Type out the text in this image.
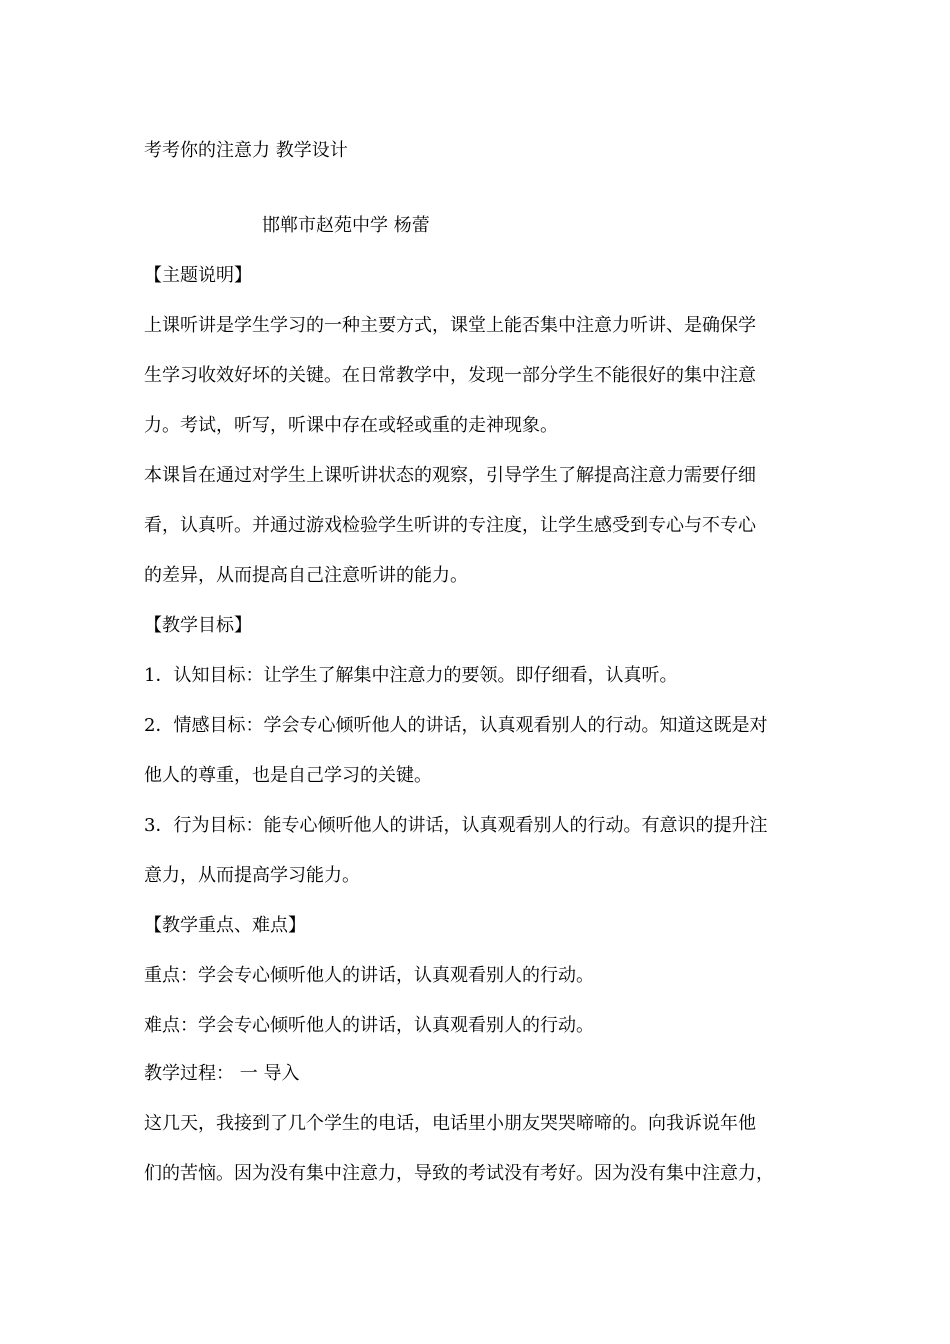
考考你的注意力 教学设计
邯郸市赵苑中学 杨蕾
【主题说明】
上课听讲是学生学习的一种主要方式，课堂上能否集中注意力听讲、是确保学
生学习收效好坏的关键。在日常教学中，发现一部分学生不能很好的集中注意
力。考试，听写，听课中存在或轻或重的走神现象。
本课旨在通过对学生上课听讲状态的观察，引导学生了解提高注意力需要仔细
看，认真听。并通过游戏检验学生听讲的专注度，让学生感受到专心与不专心
的差异，从而提高自己注意听讲的能力。
【教学目标】
1．认知目标：让学生了解集中注意力的要领。即仔细看，认真听。
2．情感目标：学会专心倾听他人的讲话，认真观看别人的行动。知道这既是对
他人的尊重，也是自己学习的关键。
3．行为目标：能专心倾听他人的讲话，认真观看别人的行动。有意识的提升注
意力，从而提高学习能力。
【教学重点、难点】
重点：学会专心倾听他人的讲话，认真观看别人的行动。
难点：学会专心倾听他人的讲话，认真观看别人的行动。
教学过程： 一 导入
这几天，我接到了几个学生的电话，电话里小朋友哭哭啼啼的。向我诉说年他
们的苦恼。因为没有集中注意力，导致的考试没有考好。因为没有集中注意力，
